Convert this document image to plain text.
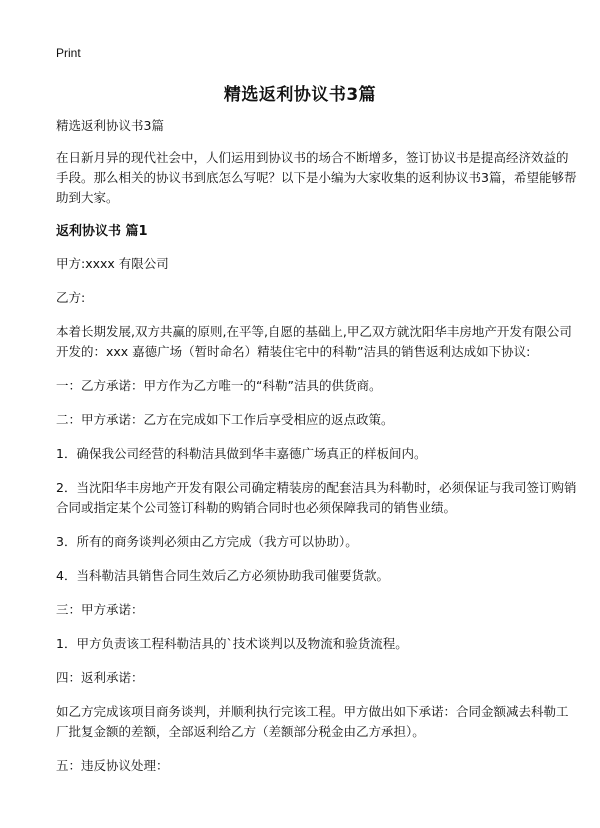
Print
精选返利协议书3篇

精选返利协议书3篇

在日新月异的现代社会中，人们运用到协议书的场合不断增多，签订协议书是提高经济效益的手段。那么相关的协议书到底怎么写呢？以下是小编为大家收集的返利协议书3篇，希望能够帮助到大家。

返利协议书 篇1

甲方:xxxx 有限公司

乙方:

本着长期发展,双方共赢的原则,在平等,自愿的基础上,甲乙双方就沈阳华丰房地产开发有限公司开发的：xxx 嘉德广场（暂时命名）精装住宅中的科勒”洁具的销售返利达成如下协议:

一：乙方承诺：甲方作为乙方唯一的“科勒”洁具的供货商。

二：甲方承诺：乙方在完成如下工作后享受相应的返点政策。

1．确保我公司经营的科勒洁具做到华丰嘉德广场真正的样板间内。

2．当沈阳华丰房地产开发有限公司确定精装房的配套洁具为科勒时，必须保证与我司签订购销合同或指定某个公司签订科勒的购销合同时也必须保障我司的销售业绩。

3．所有的商务谈判必须由乙方完成（我方可以协助）。

4．当科勒洁具销售合同生效后乙方必须协助我司催要货款。

三：甲方承诺：

1．甲方负责该工程科勒洁具的`技术谈判以及物流和验货流程。

四：返利承诺：

如乙方完成该项目商务谈判，并顺利执行完该工程。甲方做出如下承诺：合同金额减去科勒工厂批复金额的差额，全部返利给乙方（差额部分税金由乙方承担）。

五：违反协议处理：
